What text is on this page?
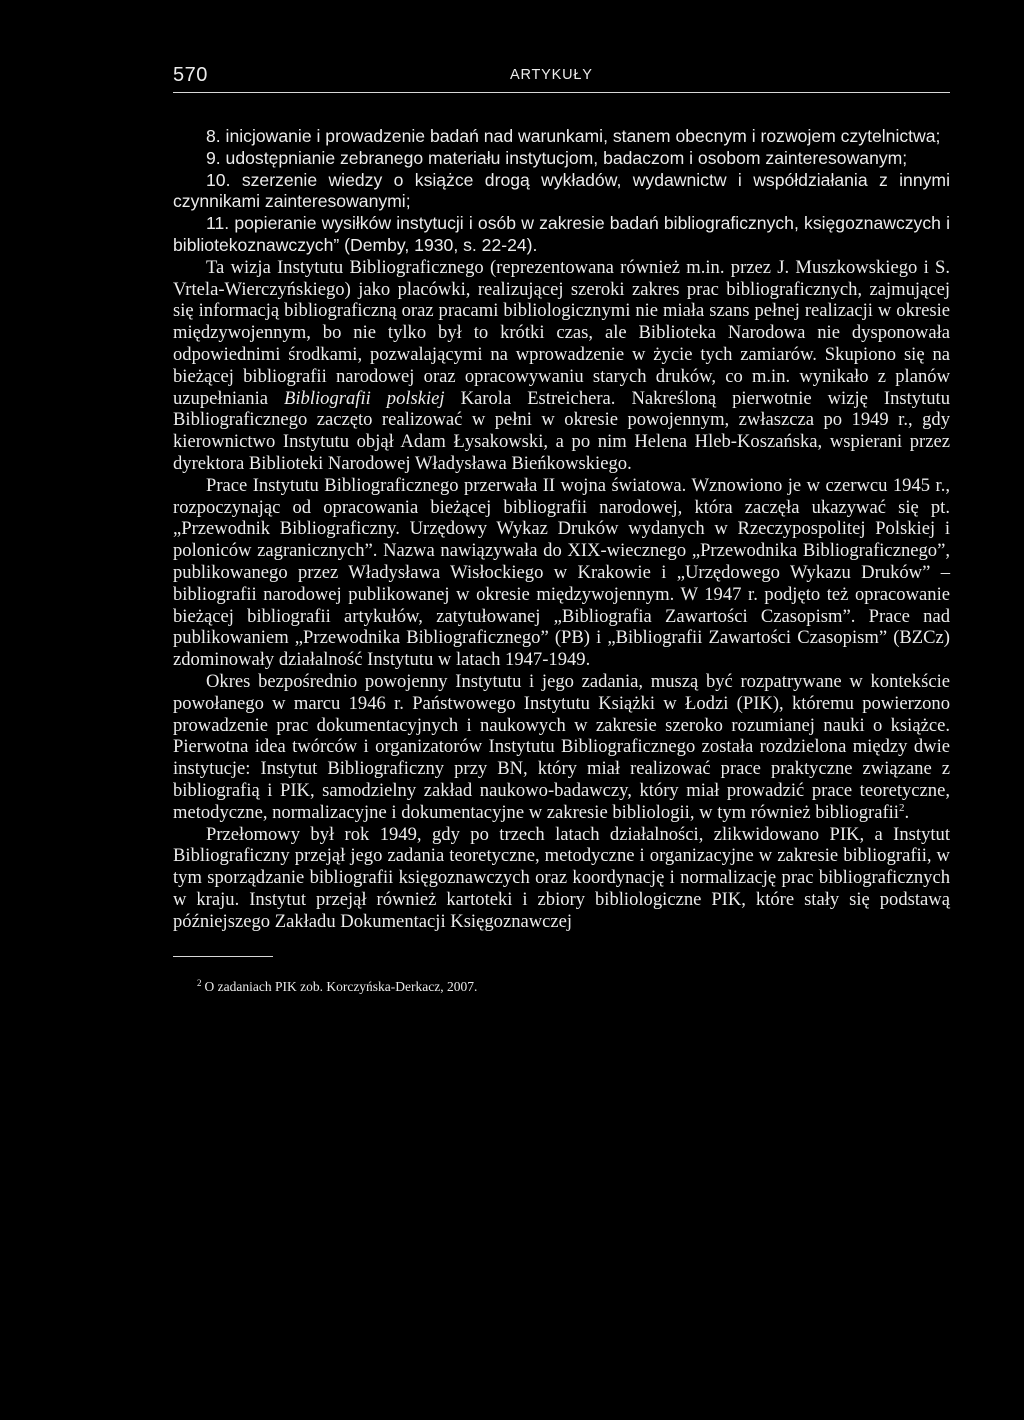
570	ARTYKUŁY

8. inicjowanie i prowadzenie badań nad warunkami, stanem obecnym i rozwojem czytelnictwa;

9. udostępnianie zebranego materiału instytucjom, badaczom i osobom zainteresowanym;

10. szerzenie wiedzy o książce drogą wykładów, wydawnictw i współdziałania z innymi czynnikami zainteresowanymi;

11. popieranie wysiłków instytucji i osób w zakresie badań bibliograficznych, księgoznawczych i bibliotekoznawczych” (Demby, 1930, s. 22-24).

Ta wizja Instytutu Bibliograficznego (reprezentowana również m.in. przez J. Muszkowskiego i S. Vrtela-Wierczyńskiego) jako placówki, realizującej szeroki zakres prac bibliograficznych, zajmującej się informacją bibliograficzną oraz pracami bibliologicznymi nie miała szans pełnej realizacji w okresie międzywojennym, bo nie tylko był to krótki czas, ale Biblioteka Narodowa nie dysponowała odpowiednimi środkami, pozwalającymi na wprowadzenie w życie tych zamiarów. Skupiono się na bieżącej bibliografii narodowej oraz opracowywaniu starych druków, co m.in. wynikało z planów uzupełniania Bibliografii polskiej Karola Estreichera. Nakreśloną pierwotnie wizję Instytutu Bibliograficznego zaczęto realizować w pełni w okresie powojennym, zwłaszcza po 1949 r., gdy kierownictwo Instytutu objął Adam Łysakowski, a po nim Helena Hleb-Koszańska, wspierani przez dyrektora Biblioteki Narodowej Władysława Bieńkowskiego.

Prace Instytutu Bibliograficznego przerwała II wojna światowa. Wznowiono je w czerwcu 1945 r., rozpoczynając od opracowania bieżącej bibliografii narodowej, która zaczęła ukazywać się pt. „Przewodnik Bibliograficzny. Urzędowy Wykaz Druków wydanych w Rzeczypospolitej Polskiej i poloniców zagranicznych”. Nazwa nawiązywała do XIX-wiecznego „Przewodnika Bibliograficznego”, publikowanego przez Władysława Wisłockiego w Krakowie i „Urzędowego Wykazu Druków” – bibliografii narodowej publikowanej w okresie międzywojennym. W 1947 r. podjęto też opracowanie bieżącej bibliografii artykułów, zatytułowanej „Bibliografia Zawartości Czasopism”. Prace nad publikowaniem „Przewodnika Bibliograficznego” (PB) i „Bibliografii Zawartości Czasopism” (BZCz) zdominowały działalność Instytutu w latach 1947-1949.

Okres bezpośrednio powojenny Instytutu i jego zadania, muszą być rozpatrywane w kontekście powołanego w marcu 1946 r. Państwowego Instytutu Książki w Łodzi (PIK), któremu powierzono prowadzenie prac dokumentacyjnych i naukowych w zakresie szeroko rozumianej nauki o książce. Pierwotna idea twórców i organizatorów Instytutu Bibliograficznego została rozdzielona między dwie instytucje: Instytut Bibliograficzny przy BN, który miał realizować prace praktyczne związane z bibliografią i PIK, samodzielny zakład naukowo-badawczy, który miał prowadzić prace teoretyczne, metodyczne, normalizacyjne i dokumentacyjne w zakresie bibliologii, w tym również bibliografii$^2$.

Przełomowy był rok 1949, gdy po trzech latach działalności, zlikwidowano PIK, a Instytut Bibliograficzny przejął jego zadania teoretyczne, metodyczne i organizacyjne w zakresie bibliografii, w tym sporządzanie bibliografii księgoznawczych oraz koordynację i normalizację prac bibliograficznych w kraju. Instytut przejął również kartoteki i zbiory bibliologiczne PIK, które stały się podstawą późniejszego Zakładu Dokumentacji Księgoznawczej

$^2$ O zadaniach PIK zob. Korczyńska-Derkacz, 2007.
